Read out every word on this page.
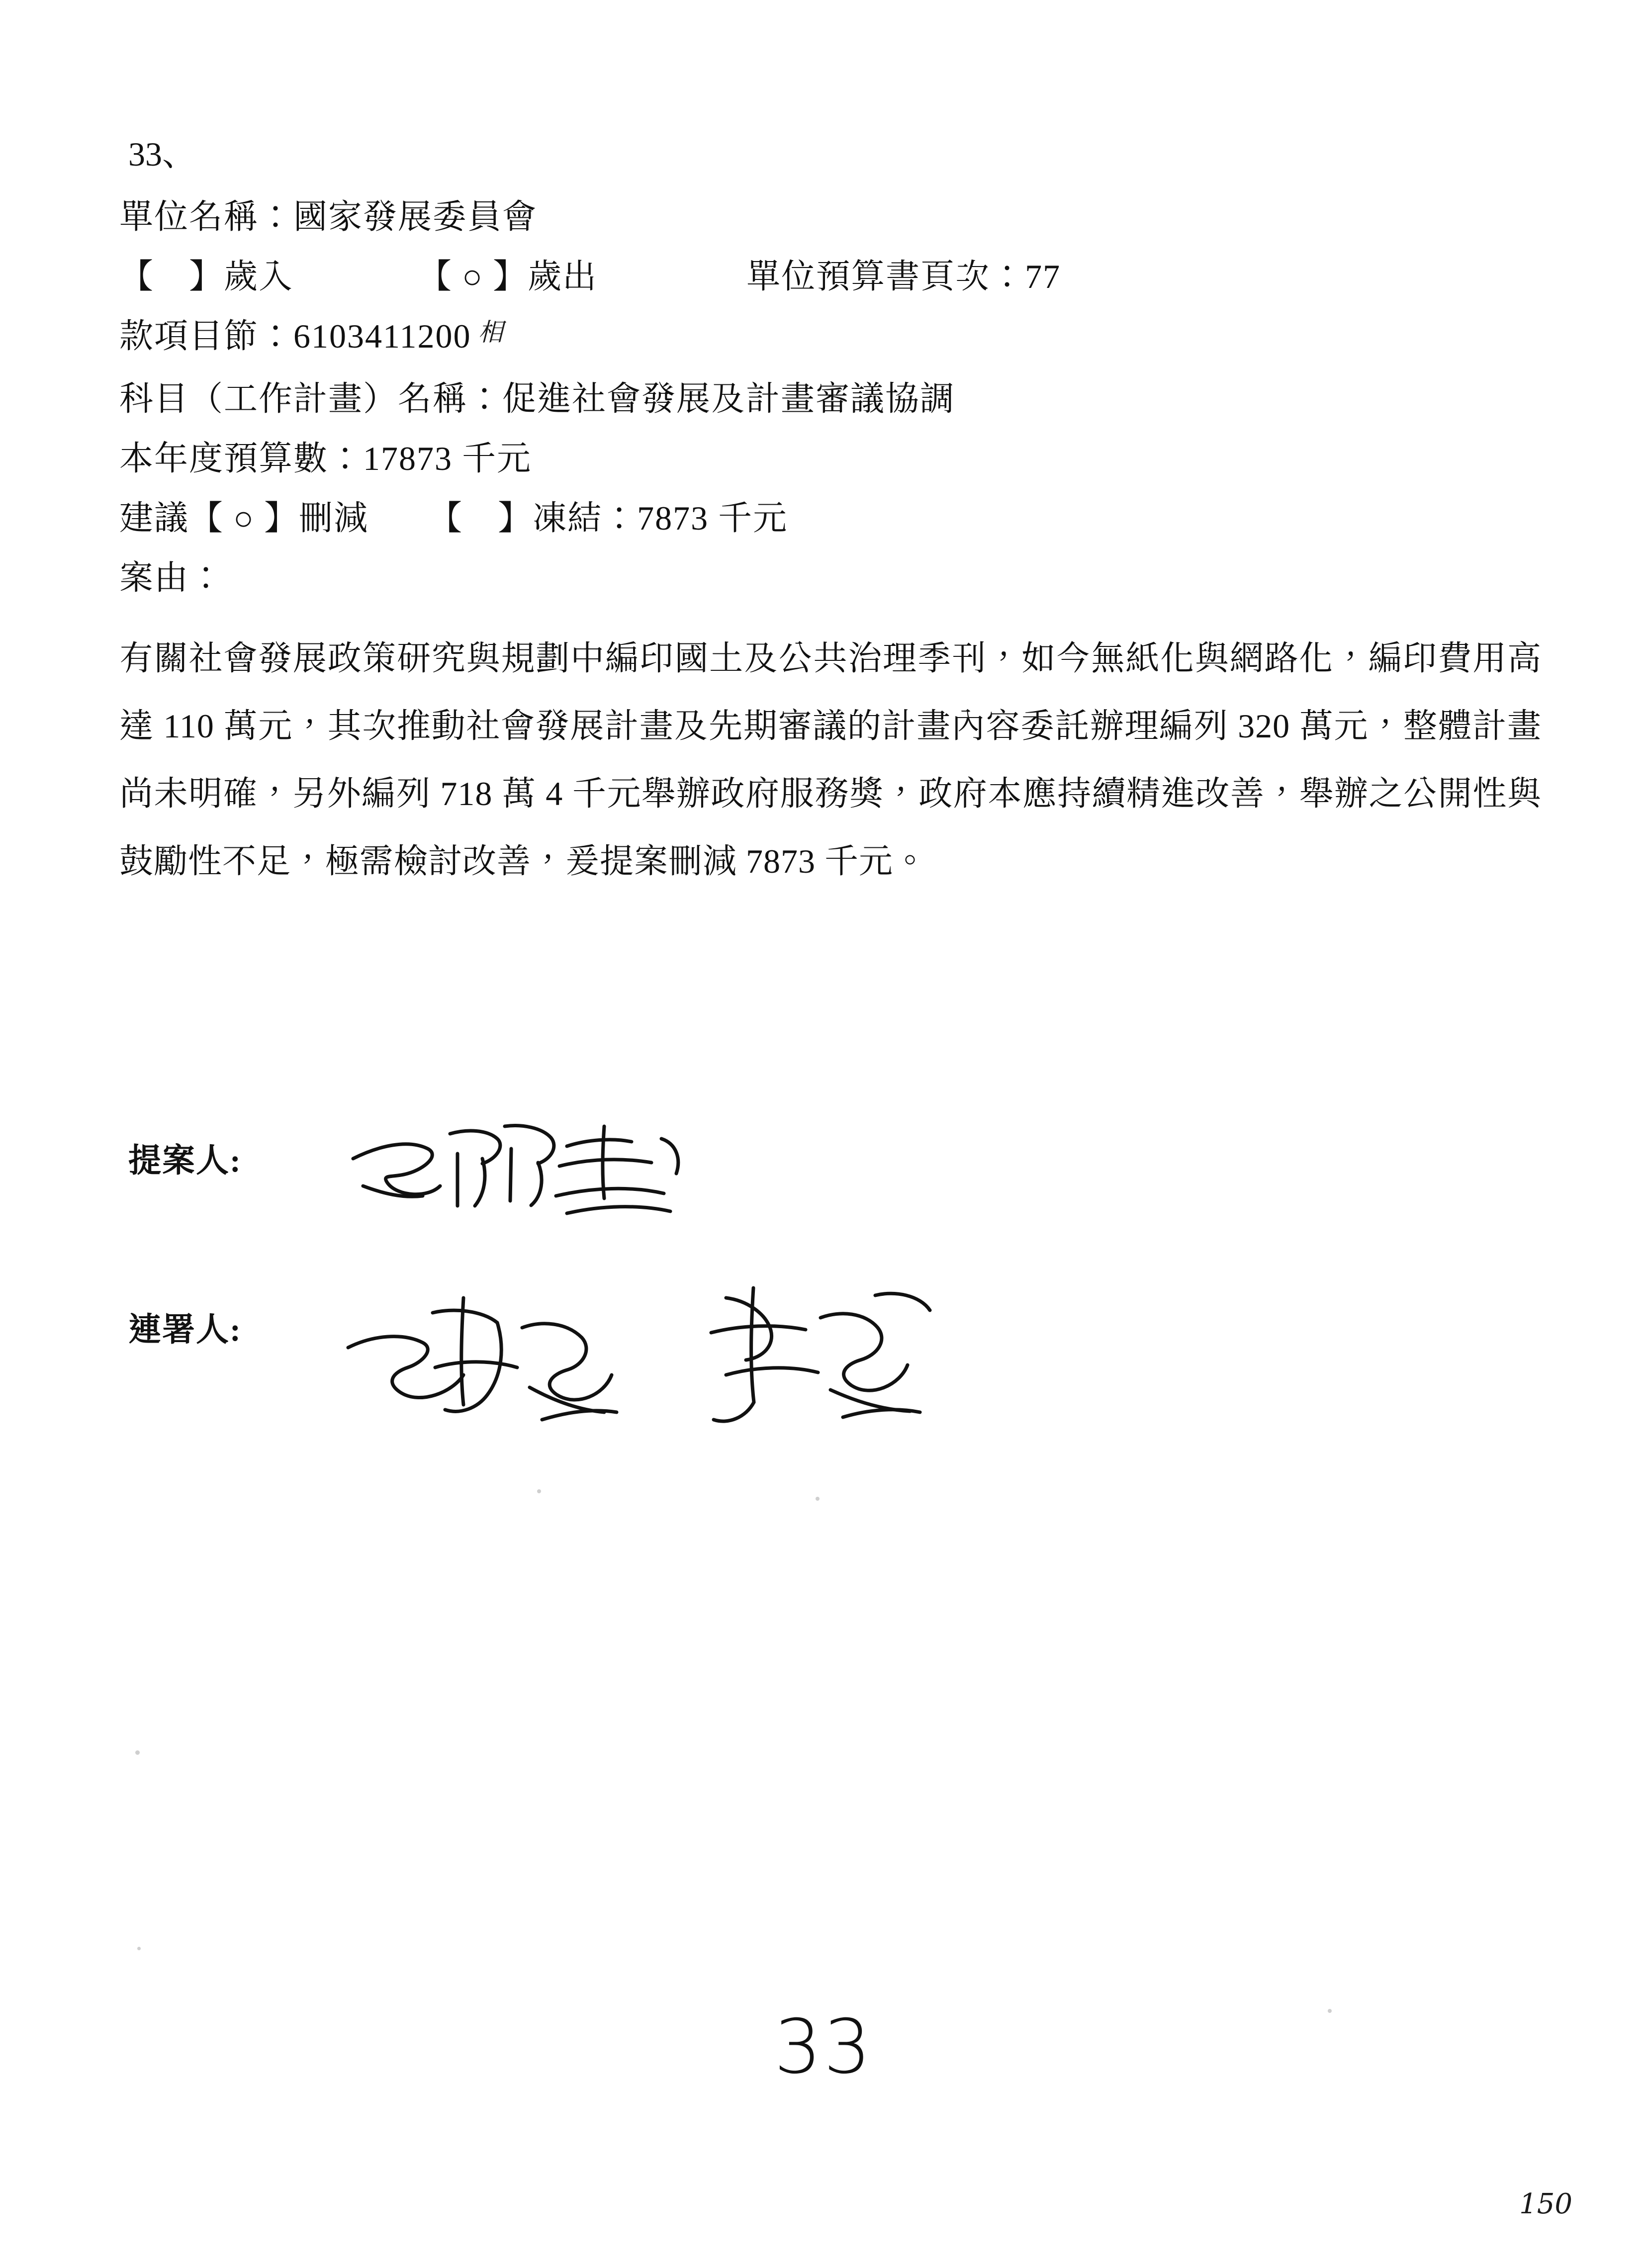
33、
單位名稱： 國家發展委員會
【　】 歲入	【 ○ 】 歲出	單位預算書頁次： 77
款項目節： 6103411200 相
科目（工作計畫）名稱： 促進社會發展及計畫審議協調
本年度預算數： 17873 千元
建議 【 ○ 】 刪減 【　】 凍結： 7873 千元
案由：
有關社會發展政策研究與規劃中編印國土及公共治理季刊，如今無紙化與網路化，編印費用高達 110 萬元，其次推動社會發展計畫及先期審議的計畫內容委託辦理編列 320 萬元，整體計畫尚未明確，另外編列 718 萬 4 千元舉辦政府服務獎，政府本應持續精進改善，舉辦之公開性與鼓勵性不足，極需檢討改善，爰提案刪減 7873 千元。
提案人:
連署人:
33
150
